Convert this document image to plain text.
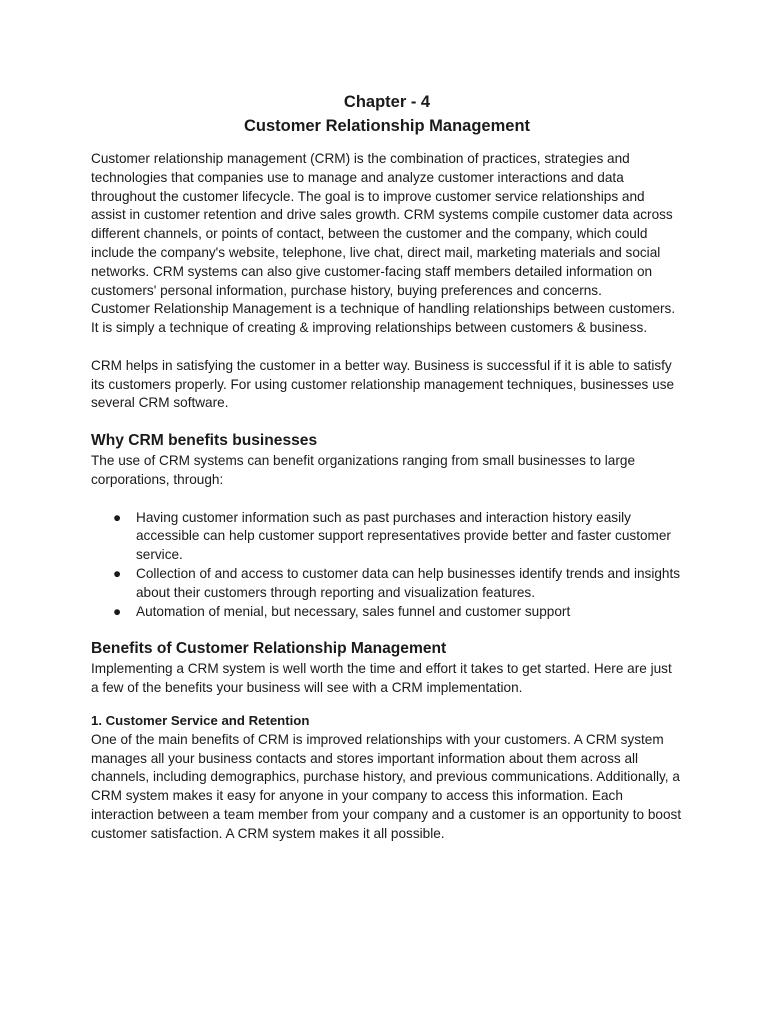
Chapter - 4
Customer Relationship Management

Customer relationship management (CRM) is the combination of practices, strategies and technologies that companies use to manage and analyze customer interactions and data throughout the customer lifecycle. The goal is to improve customer service relationships and assist in customer retention and drive sales growth. CRM systems compile customer data across different channels, or points of contact, between the customer and the company, which could include the company's website, telephone, live chat, direct mail, marketing materials and social networks. CRM systems can also give customer-facing staff members detailed information on customers' personal information, purchase history, buying preferences and concerns.

Customer Relationship Management is a technique of handling relationships between customers. It is simply a technique of creating & improving relationships between customers & business.

CRM helps in satisfying the customer in a better way. Business is successful if it is able to satisfy its customers properly. For using customer relationship management techniques, businesses use several CRM software.

Why CRM benefits businesses

The use of CRM systems can benefit organizations ranging from small businesses to large corporations, through:

● Having customer information such as past purchases and interaction history easily accessible can help customer support representatives provide better and faster customer service.
● Collection of and access to customer data can help businesses identify trends and insights about their customers through reporting and visualization features.
● Automation of menial, but necessary, sales funnel and customer support
Benefits of Customer Relationship Management

Implementing a CRM system is well worth the time and effort it takes to get started. Here are just a few of the benefits your business will see with a CRM implementation.

1. Customer Service and Retention

One of the main benefits of CRM is improved relationships with your customers. A CRM system manages all your business contacts and stores important information about them across all channels, including demographics, purchase history, and previous communications. Additionally, a CRM system makes it easy for anyone in your company to access this information. Each interaction between a team member from your company and a customer is an opportunity to boost customer satisfaction. A CRM system makes it all possible.
